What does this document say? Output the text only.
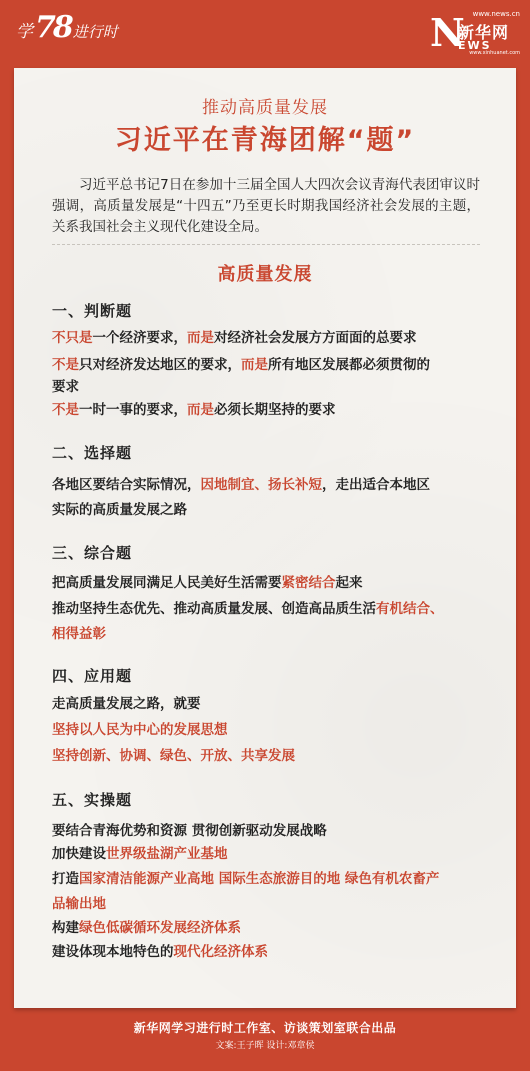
学 78 进行时
www.news.cn
N
新华网
EWS
www.xinhuanet.com
推动高质量发展
习近平在青海团解“题”
习近平总书记7日在参加十三届全国人大四次会议青海代表团审议时强调，高质量发展是“十四五”乃至更长时期我国经济社会发展的主题，关系我国社会主义现代化建设全局。
高质量发展
一、判断题
不只是一个经济要求，而是对经济社会发展方方面面的总要求
不是只对经济发达地区的要求，而是所有地区发展都必须贯彻的
要求
不是一时一事的要求，而是必须长期坚持的要求
二、选择题
各地区要结合实际情况，因地制宜、扬长补短，走出适合本地区
实际的高质量发展之路
三、综合题
把高质量发展同满足人民美好生活需要紧密结合起来
推动坚持生态优先、推动高质量发展、创造高品质生活有机结合、
相得益彰
四、应用题
走高质量发展之路，就要
坚持以人民为中心的发展思想
坚持创新、协调、绿色、开放、共享发展
五、实操题
要结合青海优势和资源 贯彻创新驱动发展战略
加快建设世界级盐湖产业基地
打造国家清洁能源产业高地 国际生态旅游目的地 绿色有机农畜产
品输出地
构建绿色低碳循环发展经济体系
建设体现本地特色的现代化经济体系
新华网学习进行时工作室、访谈策划室联合出品
文案:王子晖 设计:邓章侯
